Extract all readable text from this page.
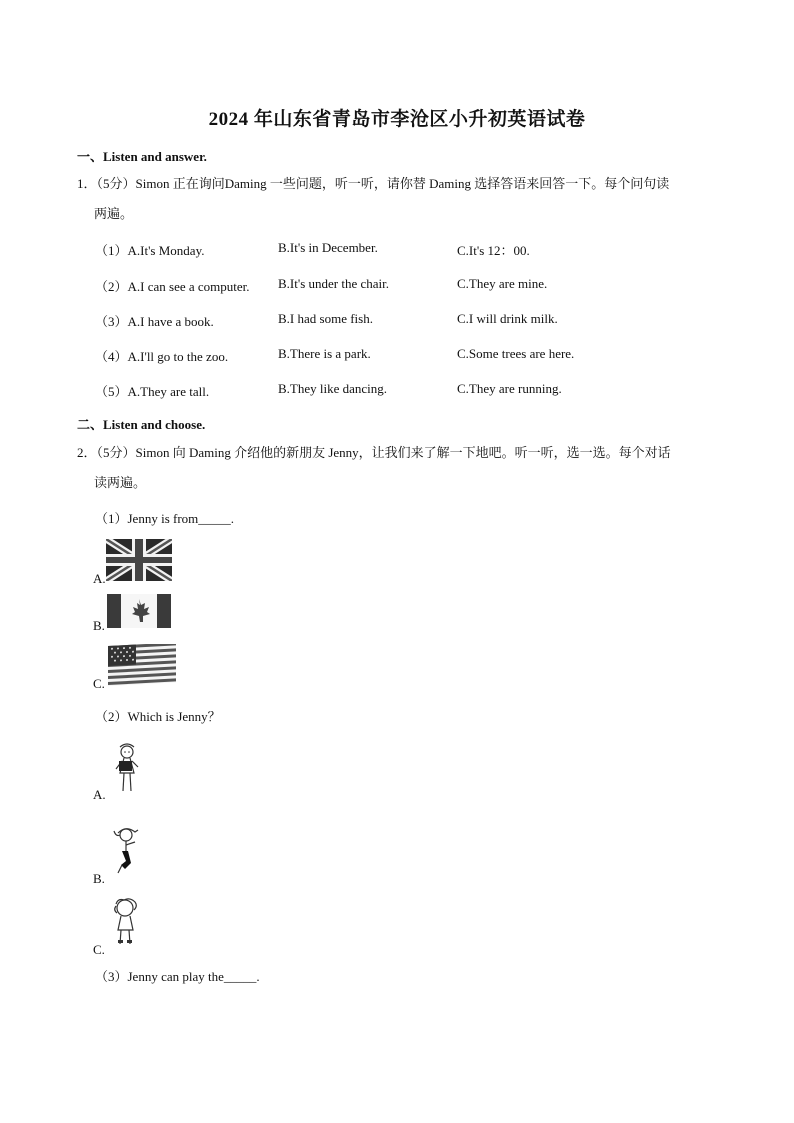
2024 年山东省青岛市李沧区小升初英语试卷
一、Listen and answer.
1．（5分）Simon 正在询问Daming 一些问题，听一听，请你替 Daming 选择答语来回答一下。每个问句读
两遍。
（1）A.It's Monday.	B.It's in December.	C.It's 12：00.
（2）A.I can see a computer. B.It's under the chair.	C.They are mine.
（3）A.I have a book.	B.I had some fish.	C.I will drink milk.
（4）A.I'll go to the zoo.	B.There is a park.	C.Some trees are here.
（5）A.They are tall.	B.They like dancing.	C.They are running.
二、Listen and choose.
2．（5分）Simon 向 Daming 介绍他的新朋友 Jenny，让我们来了解一下地吧。听一听，选一选。每个对话
读两遍。
（1）Jenny is from_____.
A.
B.
C.
（2）Which is Jenny？
A.
B.
C.
（3）Jenny can play the_____.
